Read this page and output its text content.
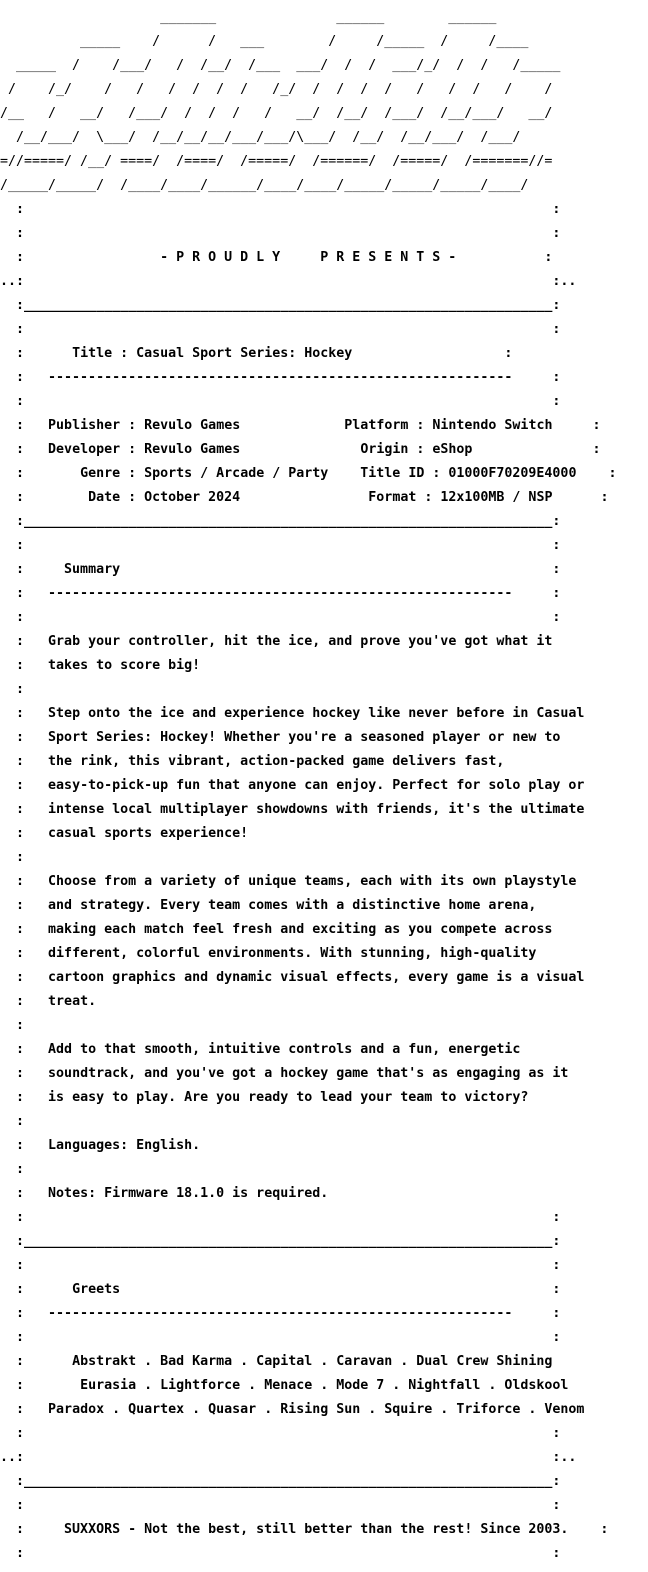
_______               ______        ______

_____    /      /   ___        /     /_____  /     /____

_____  /    /___/   /  /__/  /___  ___/  /  /  ___/_/  /  /   /_____

/    /_/    /   /   /  /  /  /   /_/  /  /  /  /   /   /  /   /    /

/__   /   __/   /___/  /  /  /   /   __/  /__/  /___/  /__/___/   __/

/__/___/  \___/  /__/__/__/___/___/\___/  /__/  /__/___/  /___/

=//=====/ /__/ ====/  /====/  /=====/  /======/  /=====/  /=======//=

/_____/_____/  /____/____/______/____/____/_____/_____/_____/____/

:                                                                  :

:                                                                  :

:                 - P R O U D L Y     P R E S E N T S -           :

..:                                                                  :..

:__________________________________________________________________:

:                                                                  :

:      Title : Casual Sport Series: Hockey                   :

:   ----------------------------------------------------------     :

:                                                                  :

:   Publisher : Revulo Games	Platform : Nintendo Switch     :

:   Developer : Revulo Games	Origin : eShop               :

:       Genre : Sports / Arcade / Party Title ID : 01000F70209E4000    :

:        Date : October 2024	Format : 12x100MB / NSP      :

:__________________________________________________________________:

:                                                                  :

:     Summary                                                      :

:   ----------------------------------------------------------     :

:                                                                  :

:   Grab your controller, hit the ice, and prove you've got what it

:   takes to score big!

:

:   Step onto the ice and experience hockey like never before in Casual

:   Sport Series: Hockey! Whether you're a seasoned player or new to

:   the rink, this vibrant, action-packed game delivers fast,

:   easy-to-pick-up fun that anyone can enjoy. Perfect for solo play or

:   intense local multiplayer showdowns with friends, it's the ultimate

:   casual sports experience!

:

:   Choose from a variety of unique teams, each with its own playstyle

:   and strategy. Every team comes with a distinctive home arena,

:   making each match feel fresh and exciting as you compete across

:   different, colorful environments. With stunning, high-quality

:   cartoon graphics and dynamic visual effects, every game is a visual

:   treat.

:

:   Add to that smooth, intuitive controls and a fun, energetic

:   soundtrack, and you've got a hockey game that's as engaging as it

:   is easy to play. Are you ready to lead your team to victory?

:

:   Languages: English.

:

:   Notes: Firmware 18.1.0 is required.

:                                                                  :

:__________________________________________________________________:

:                                                                  :

:      Greets                                                      :

:   ----------------------------------------------------------     :

:                                                                  :

:      Abstrakt . Bad Karma . Capital . Caravan . Dual Crew Shining

:       Eurasia . Lightforce . Menace . Mode 7 . Nightfall . Oldskool

:   Paradox . Quartex . Quasar . Rising Sun . Squire . Triforce . Venom

:                                                                  :

..:                                                                  :..

:__________________________________________________________________:

:                                                                  :

:     SUXXORS - Not the best, still better than the rest! Since 2003.    :

:                                                                  :
